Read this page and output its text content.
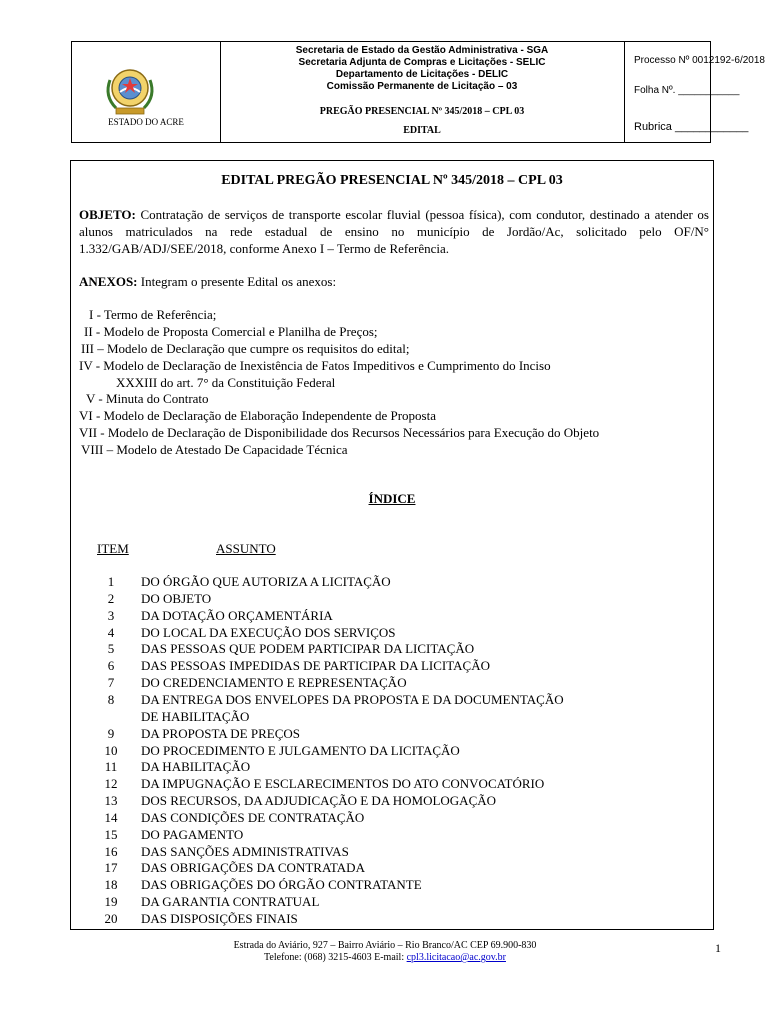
ESTADO DO ACRE
Secretaria de Estado da Gestão Administrativa - SGA
Secretaria Adjunta de Compras e Licitações - SELIC
Departamento de Licitações - DELIC
Comissão Permanente de Licitação – 03
PREGÃO PRESENCIAL Nº 345/2018 – CPL 03
EDITAL
Processo Nº 0012192-6/2018
Folha Nº. ___________
Rubrica ____________
EDITAL PREGÃO PRESENCIAL Nº 345/2018 – CPL 03
OBJETO: Contratação de serviços de transporte escolar fluvial (pessoa física), com condutor, destinado a atender os alunos matriculados na rede estadual de ensino no município de Jordão/Ac, solicitado pelo OF/N° 1.332/GAB/ADJ/SEE/2018, conforme Anexo I – Termo de Referência.
ANEXOS: Integram o presente Edital os anexos:
I - Termo de Referência;
II - Modelo de Proposta Comercial e Planilha de Preços;
III – Modelo de Declaração que cumpre os requisitos do edital;
IV - Modelo de Declaração de Inexistência de Fatos Impeditivos e Cumprimento do Inciso
XXXIII do art. 7° da Constituição Federal
V - Minuta do Contrato
VI - Modelo de Declaração de Elaboração Independente de Proposta
VII - Modelo de Declaração de Disponibilidade dos Recursos Necessários para Execução do Objeto
VIII – Modelo de Atestado De Capacidade Técnica
ÍNDICE
ITEM	ASSUNTO
1	DO ÓRGÃO QUE AUTORIZA A LICITAÇÃO
2	DO OBJETO
3	DA DOTAÇÃO ORÇAMENTÁRIA
4	DO LOCAL DA EXECUÇÃO DOS SERVIÇOS
5	DAS PESSOAS QUE PODEM PARTICIPAR DA LICITAÇÃO
6	DAS PESSOAS IMPEDIDAS DE PARTICIPAR DA LICITAÇÃO
7	DO CREDENCIAMENTO E REPRESENTAÇÃO
8	DA ENTREGA DOS ENVELOPES DA PROPOSTA E DA DOCUMENTAÇÃO
DE HABILITAÇÃO
9	DA PROPOSTA DE PREÇOS
10 DO PROCEDIMENTO E JULGAMENTO DA LICITAÇÃO
11 DA HABILITAÇÃO
12 DA IMPUGNAÇÃO E ESCLARECIMENTOS DO ATO CONVOCATÓRIO
13 DOS RECURSOS, DA ADJUDICAÇÃO E DA HOMOLOGAÇÃO
14 DAS CONDIÇÕES DE CONTRATAÇÃO
15 DO PAGAMENTO
16 DAS SANÇÕES ADMINISTRATIVAS
17 DAS OBRIGAÇÕES DA CONTRATADA
18 DAS OBRIGAÇÕES DO ÓRGÃO CONTRATANTE
19 DA GARANTIA CONTRATUAL
20 DAS DISPOSIÇÕES FINAIS
Estrada do Aviário, 927 – Bairro Aviário – Rio Branco/AC CEP 69.900-830
Telefone: (068) 3215-4603 E-mail: cpl3.licitacao@ac.gov.br
1
